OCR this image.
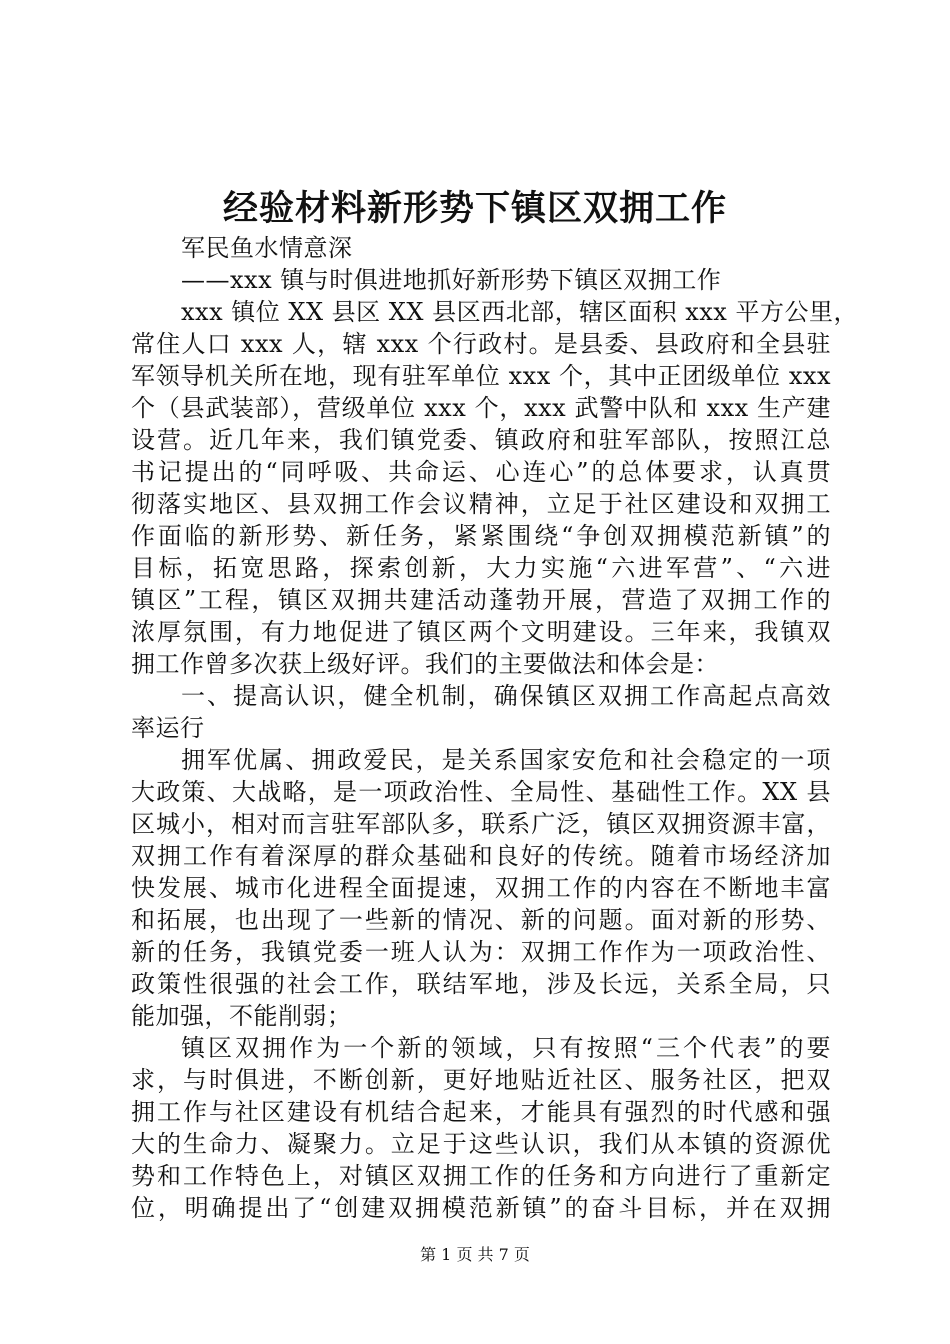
经验材料新形势下镇区双拥工作
军民鱼水情意深
——xxx 镇与时俱进地抓好新形势下镇区双拥工作
xxx 镇位 XX 县区 XX 县区西北部，辖区面积 xxx 平方公里，
常住人口 xxx 人，辖 xxx 个行政村。是县委、县政府和全县驻
军领导机关所在地，现有驻军单位 xxx 个，其中正团级单位 xxx
个（县武装部），营级单位 xxx 个，xxx 武警中队和 xxx 生产建
设营。近几年来，我们镇党委、镇政府和驻军部队，按照江总
书记提出的“同呼吸、共命运、心连心”的总体要求，认真贯
彻落实地区、县双拥工作会议精神，立足于社区建设和双拥工
作面临的新形势、新任务，紧紧围绕“争创双拥模范新镇”的
目标，拓宽思路，探索创新，大力实施“六进军营”、“六进
镇区”工程，镇区双拥共建活动蓬勃开展，营造了双拥工作的
浓厚氛围，有力地促进了镇区两个文明建设。三年来，我镇双
拥工作曾多次获上级好评。我们的主要做法和体会是：
一、提高认识，健全机制，确保镇区双拥工作高起点高效
率运行
拥军优属、拥政爱民，是关系国家安危和社会稳定的一项
大政策、大战略，是一项政治性、全局性、基础性工作。XX 县
区城小，相对而言驻军部队多，联系广泛，镇区双拥资源丰富，
双拥工作有着深厚的群众基础和良好的传统。随着市场经济加
快发展、城市化进程全面提速，双拥工作的内容在不断地丰富
和拓展，也出现了一些新的情况、新的问题。面对新的形势、
新的任务，我镇党委一班人认为：双拥工作作为一项政治性、
政策性很强的社会工作，联结军地，涉及长远，关系全局，只
能加强，不能削弱；
镇区双拥作为一个新的领域，只有按照“三个代表”的要
求，与时俱进，不断创新，更好地贴近社区、服务社区，把双
拥工作与社区建设有机结合起来，才能具有强烈的时代感和强
大的生命力、凝聚力。立足于这些认识，我们从本镇的资源优
势和工作特色上，对镇区双拥工作的任务和方向进行了重新定
位，明确提出了“创建双拥模范新镇”的奋斗目标，并在双拥
第 1 页 共 7 页
